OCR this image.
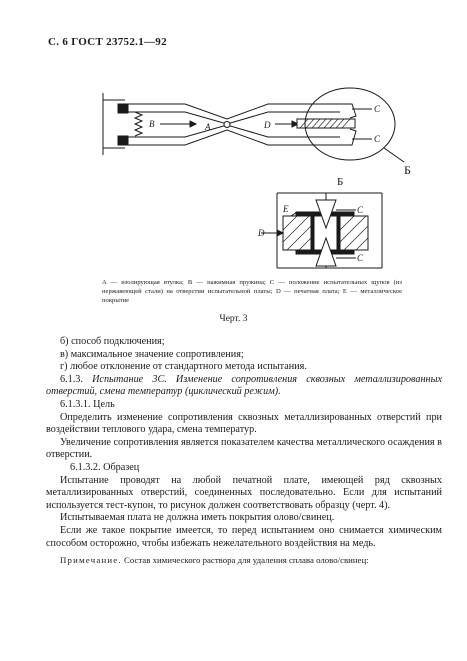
С. 6 ГОСТ 23752.1—92
B	A	D
C
C
Б
Б
E
D
C
C
A — изолирующая втулка; B — нажимная пружина; C — положение испытательных щупов (из нержавеющей стали) на отверстии испытательной платы; D — печатная плата; E — металлическое покрытие
Черт. 3

б) способ подключения;

в) максимальное значение сопротивления;

г) любое отклонение от стандартного метода испытания.

6.1.3. Испытание 3С. Изменение сопротивления сквозных металлизированных отверстий, смена температур (циклический режим).

6.1.3.1. Цель

Определить изменение сопротивления сквозных металлизированных отверстий при воздействии теплового удара, смена температур.

Увеличение сопротивления является показателем качества металлического осаждения в отверстии.

6.1.3.2. Образец

Испытание проводят на любой печатной плате, имеющей ряд сквозных металлизированных отверстий, соединенных последовательно. Если для испытаний используется тест-купон, то рисунок должен соответствовать образцу (черт. 4).

Испытываемая плата не должна иметь покрытия олово/свинец.

Если же такое покрытие имеется, то перед испытанием оно снимается химическим способом осторожно, чтобы избежать нежелательного воздействия на медь.

Примечание. Состав химического раствора для удаления сплава олово/свинец:
